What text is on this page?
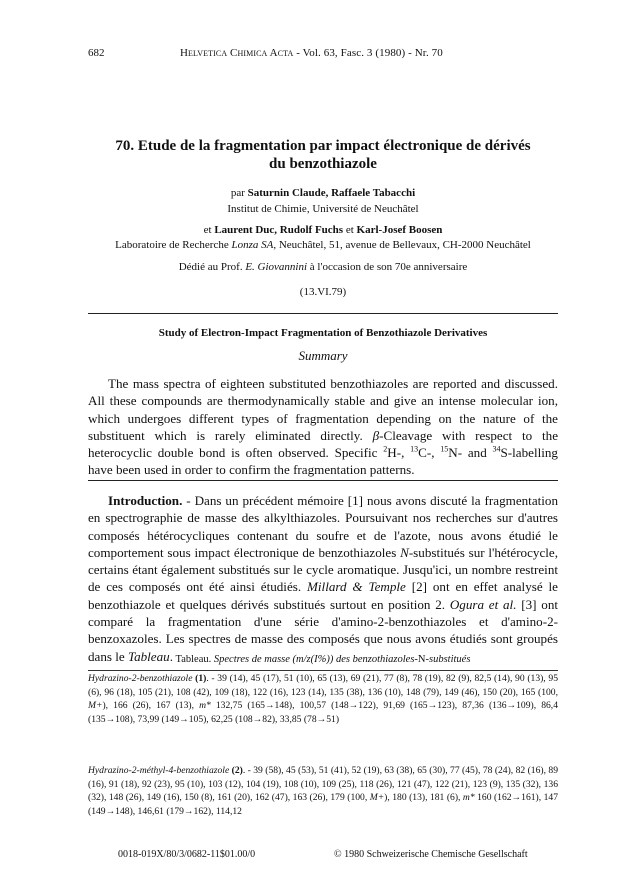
682	Helvetica Chimica Acta - Vol. 63, Fasc. 3 (1980) - Nr. 70
70. Etude de la fragmentation par impact électronique de dérivés
du benzothiazole
par Saturnin Claude, Raffaele Tabacchi
Institut de Chimie, Université de Neuchâtel
et Laurent Duc, Rudolf Fuchs et Karl-Josef Boosen
Laboratoire de Recherche Lonza SA, Neuchâtel, 51, avenue de Bellevaux, CH-2000 Neuchâtel
Dédié au Prof. E. Giovannini à l'occasion de son 70e anniversaire
(13.VI.79)
Study of Electron-Impact Fragmentation of Benzothiazole Derivatives
Summary
The mass spectra of eighteen substituted benzothiazoles are reported and discussed. All these compounds are thermodynamically stable and give an intense molecular ion, which undergoes different types of fragmentation depending on the nature of the substituent which is rarely eliminated directly. β-Cleavage with respect to the heterocyclic double bond is often observed. Specific $^2$H-, $^{13}$C-, $^{15}$N- and $^{34}$S-labelling have been used in order to confirm the fragmentation patterns.
Introduction. - Dans un précédent mémoire [1] nous avons discuté la fragmentation en spectrographie de masse des alkylthiazoles. Poursuivant nos recherches sur d'autres composés hétérocycliques contenant du soufre et de l'azote, nous avons étudié le comportement sous impact électronique de benzothiazoles N-substitués sur l'hétérocycle, certains étant également substitués sur le cycle aromatique. Jusqu'ici, un nombre restreint de ces composés ont été ainsi étudiés. Millard & Temple [2] ont en effet analysé le benzothiazole et quelques dérivés substitués surtout en position 2. Ogura et al. [3] ont comparé la fragmentation d'une série d'amino-2-benzothiazoles et d'amino-2-benzoxazoles. Les spectres de masse des composés que nous avons étudiés sont groupés dans le Tableau. Tableau. Spectres de masse (m/z(I%)) des benzothiazoles-N-substitués
Hydrazino-2-benzothiazole (1). - 39 (14), 45 (17), 51 (10), 65 (13), 69 (21), 77 (8), 78 (19), 82 (9), 82,5 (14), 90 (13), 95 (6), 96 (18), 105 (21), 108 (42), 109 (18), 122 (16), 123 (14), 135 (38), 136 (10), 148 (79), 149 (46), 150 (20), 165 (100, M+), 166 (26), 167 (13), m* 132,75 (165→148), 100,57 (148→122), 91,69 (165→123), 87,36 (136→109), 86,4 (135→108), 73,99 (149→105), 62,25 (108→82), 33,85 (78→51)
Hydrazino-2-méthyl-4-benzothiazole (2). - 39 (58), 45 (53), 51 (41), 52 (19), 63 (38), 65 (30), 77 (45), 78 (24), 82 (16), 89 (16), 91 (18), 92 (23), 95 (10), 103 (12), 104 (19), 108 (10), 109 (25), 118 (26), 121 (47), 122 (21), 123 (9), 135 (32), 136 (32), 148 (26), 149 (16), 150 (8), 161 (20), 162 (47), 163 (26), 179 (100, M+), 180 (13), 181 (6), m* 160 (162→161), 147 (149→148), 146,61 (179→162), 114,12
0018-019X/80/3/0682-11$01.00/0	© 1980 Schweizerische Chemische Gesellschaft
